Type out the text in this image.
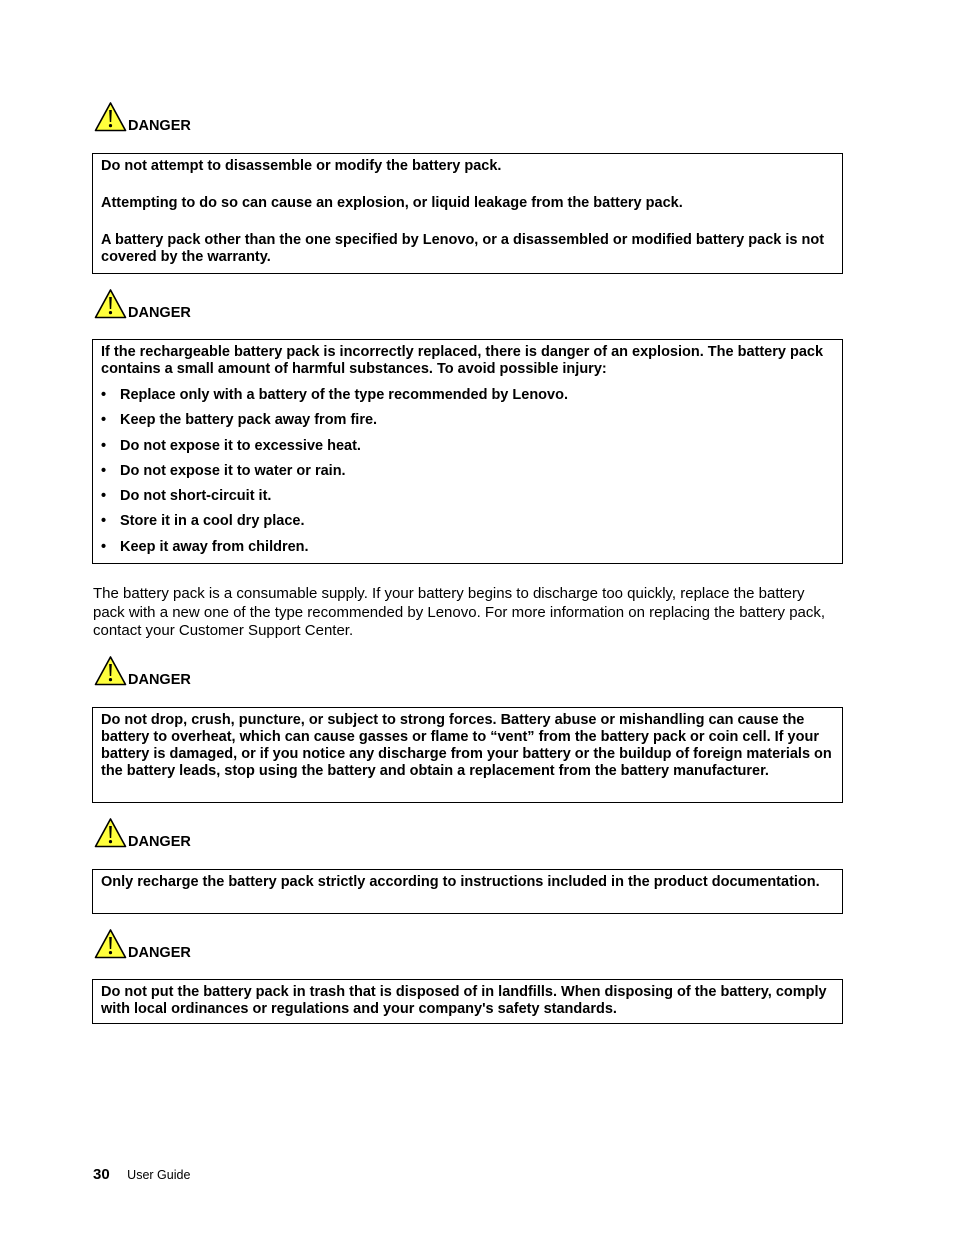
DANGER

Do not attempt to disassemble or modify the battery pack.

Attempting to do so can cause an explosion, or liquid leakage from the battery pack.

A battery pack other than the one specified by Lenovo, or a disassembled or modified battery pack is not covered by the warranty.

DANGER

If the rechargeable battery pack is incorrectly replaced, there is danger of an explosion. The battery pack contains a small amount of harmful substances. To avoid possible injury:

• Replace only with a battery of the type recommended by Lenovo.
• Keep the battery pack away from fire.
• Do not expose it to excessive heat.
• Do not expose it to water or rain.
• Do not short-circuit it.
• Store it in a cool dry place.
• Keep it away from children.
The battery pack is a consumable supply. If your battery begins to discharge too quickly, replace the battery pack with a new one of the type recommended by Lenovo. For more information on replacing the battery pack, contact your Customer Support Center.
DANGER

Do not drop, crush, puncture, or subject to strong forces. Battery abuse or mishandling can cause the battery to overheat, which can cause gasses or flame to “vent” from the battery pack or coin cell. If your battery is damaged, or if you notice any discharge from your battery or the buildup of foreign materials on the battery leads, stop using the battery and obtain a replacement from the battery manufacturer.

DANGER

Only recharge the battery pack strictly according to instructions included in the product documentation.

DANGER

Do not put the battery pack in trash that is disposed of in landfills. When disposing of the battery, comply with local ordinances or regulations and your company's safety standards.

30 User Guide
